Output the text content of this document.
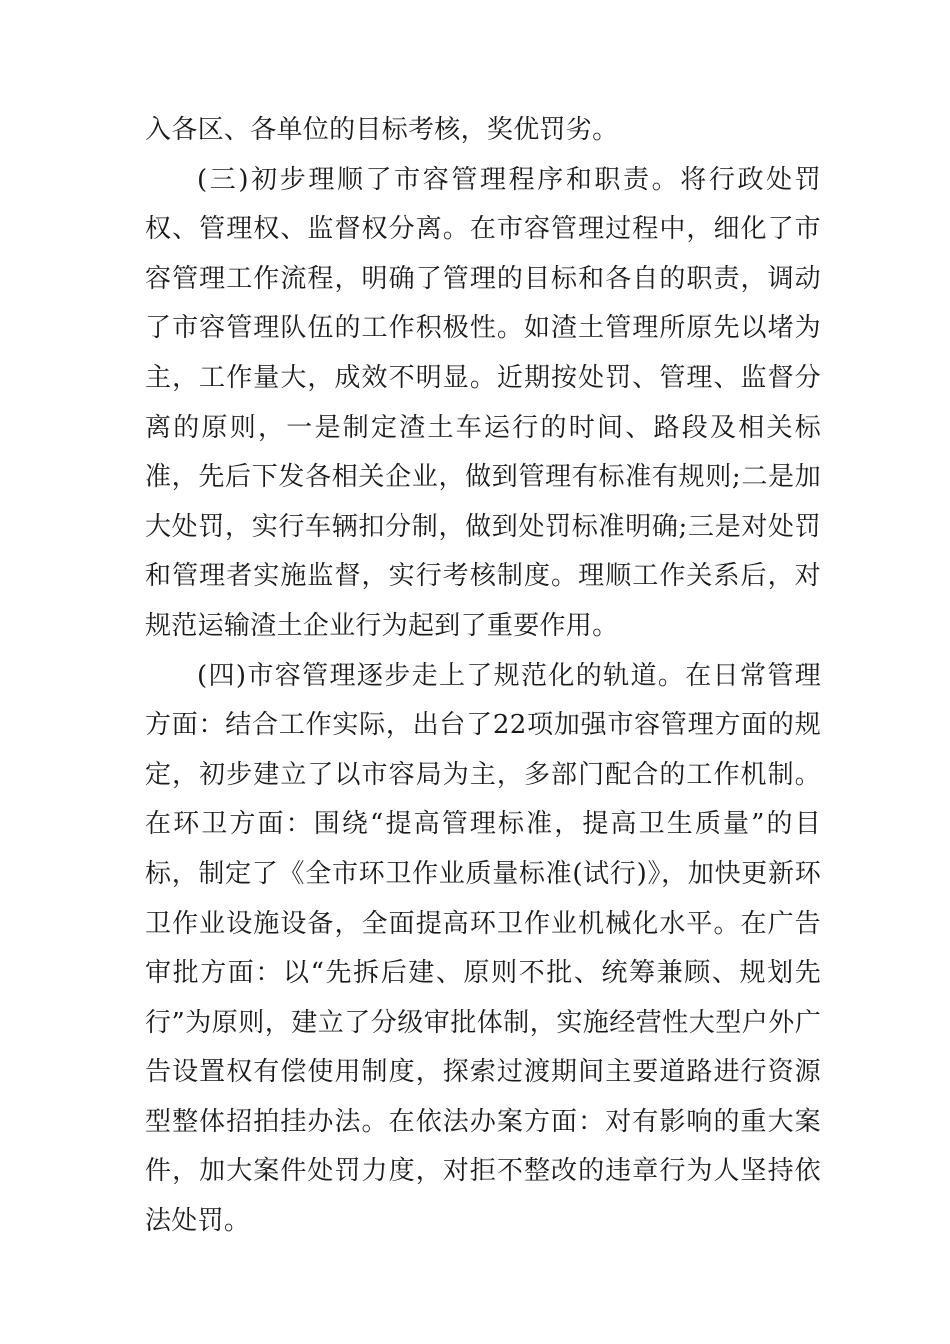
入各区、各单位的目标考核，奖优罚劣。

(三)初步理顺了市容管理程序和职责。将行政处罚权、管理权、监督权分离。在市容管理过程中，细化了市容管理工作流程，明确了管理的目标和各自的职责，调动了市容管理队伍的工作积极性。如渣土管理所原先以堵为主，工作量大，成效不明显。近期按处罚、管理、监督分离的原则，一是制定渣土车运行的时间、路段及相关标准，先后下发各相关企业，做到管理有标准有规则;二是加大处罚，实行车辆扣分制，做到处罚标准明确;三是对处罚和管理者实施监督，实行考核制度。理顺工作关系后，对规范运输渣土企业行为起到了重要作用。

(四)市容管理逐步走上了规范化的轨道。在日常管理方面：结合工作实际，出台了22项加强市容管理方面的规定，初步建立了以市容局为主，多部门配合的工作机制。在环卫方面：围绕“提高管理标准，提高卫生质量”的目标，制定了《全市环卫作业质量标准(试行)》，加快更新环卫作业设施设备，全面提高环卫作业机械化水平。在广告审批方面：以“先拆后建、原则不批、统筹兼顾、规划先行”为原则，建立了分级审批体制，实施经营性大型户外广告设置权有偿使用制度，探索过渡期间主要道路进行资源型整体招拍挂办法。在依法办案方面：对有影响的重大案件，加大案件处罚力度，对拒不整改的违章行为人坚持依法处罚。
